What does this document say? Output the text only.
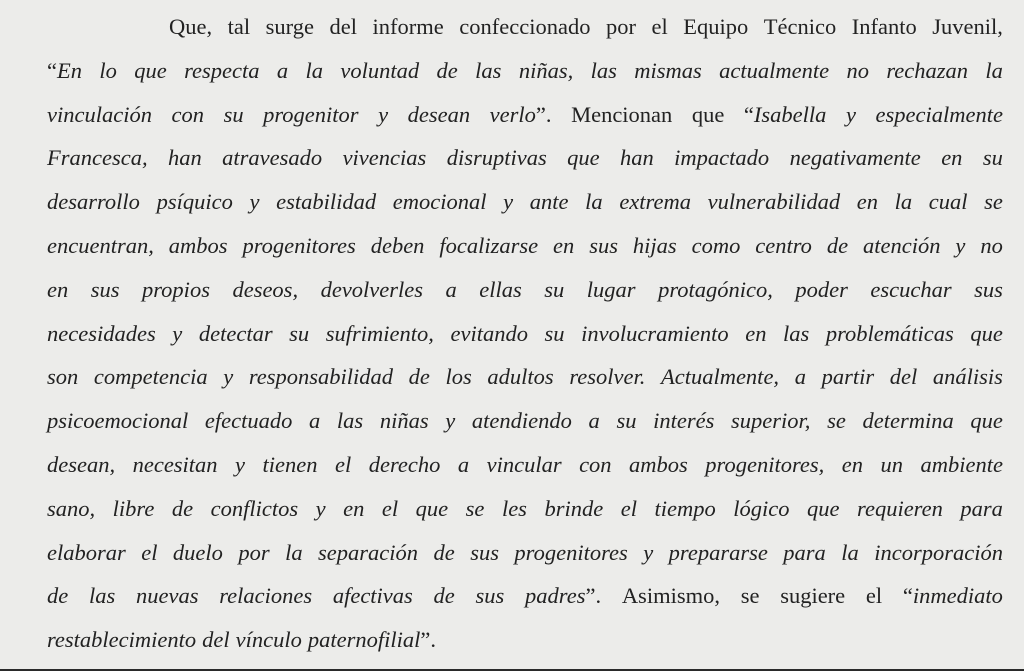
Que, tal surge del informe confeccionado por el Equipo Técnico Infanto Juvenil,
“En lo que respecta a la voluntad de las niñas, las mismas actualmente no rechazan la
vinculación con su progenitor y desean verlo”. Mencionan que “Isabella y especialmente
Francesca, han atravesado vivencias disruptivas que han impactado negativamente en su
desarrollo psíquico y estabilidad emocional y ante la extrema vulnerabilidad en la cual se
encuentran, ambos progenitores deben focalizarse en sus hijas como centro de atención y no
en sus propios deseos, devolverles a ellas su lugar protagónico, poder escuchar sus
necesidades y detectar su sufrimiento, evitando su involucramiento en las problemáticas que
son competencia y responsabilidad de los adultos resolver. Actualmente, a partir del análisis
psicoemocional efectuado a las niñas y atendiendo a su interés superior, se determina que
desean, necesitan y tienen el derecho a vincular con ambos progenitores, en un ambiente
sano, libre de conflictos y en el que se les brinde el tiempo lógico que requieren para
elaborar el duelo por la separación de sus progenitores y prepararse para la incorporación
de las nuevas relaciones afectivas de sus padres”. Asimismo, se sugiere el “inmediato
restablecimiento del vínculo paternofilial”.
